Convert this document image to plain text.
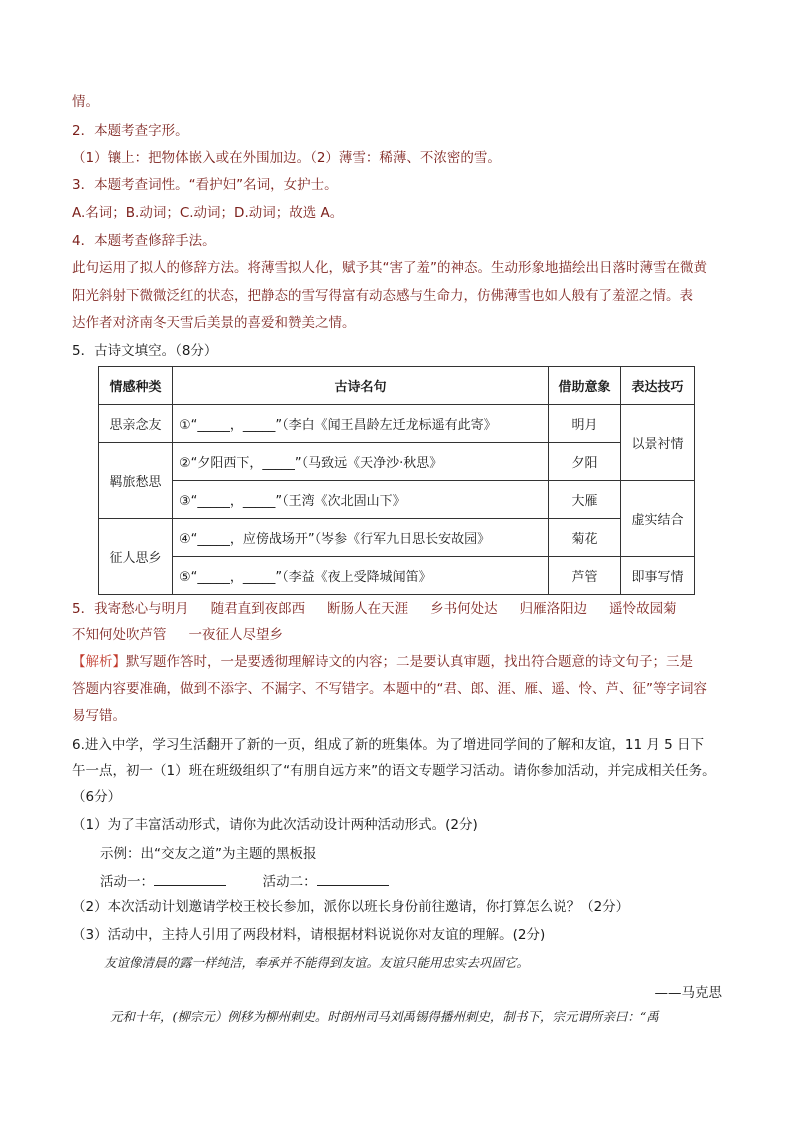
情。
2．本题考查字形。
（1）镶上：把物体嵌入或在外围加边。（2）薄雪：稀薄、不浓密的雪。
3．本题考查词性。“看护妇”名词，女护士。
A.名词；B.动词；C.动词；D.动词；故选 A。
4．本题考查修辞手法。
此句运用了拟人的修辞方法。将薄雪拟人化，赋予其“害了羞”的神态。生动形象地描绘出日落时薄雪在微黄
阳光斜射下微微泛红的状态，把静态的雪写得富有动态感与生命力，仿佛薄雪也如人般有了羞涩之情。表
达作者对济南冬天雪后美景的喜爱和赞美之情。
5．古诗文填空。（8分）
情感种类	古诗名句	借助意象	表达技巧
思亲念友	①“_____，_____”（李白《闻王昌龄左迁龙标遥有此寄》	明月	以景衬情
羁旅愁思	②“夕阳西下，_____”（马致远《天净沙·秋思》	夕阳	
	③“_____，_____”（王湾《次北固山下》	大雁	虚实结合
征人思乡	④“_____，应傍战场开”（岑参《行军九日思长安故园》	菊花	
	⑤“_____，_____”（李益《夜上受降城闻笛》	芦管	即事写情
5．我寄愁心与明月 随君直到夜郎西 断肠人在天涯 乡书何处达 归雁洛阳边 遥怜故园菊
不知何处吹芦管 一夜征人尽望乡
【解析】默写题作答时，一是要透彻理解诗文的内容；二是要认真审题，找出符合题意的诗文句子；三是
答题内容要准确，做到不添字、不漏字、不写错字。本题中的“君、郎、涯、雁、遥、怜、芦、征”等字词容
易写错。
6.进入中学，学习生活翻开了新的一页，组成了新的班集体。为了增进同学间的了解和友谊，11 月 5 日下
午一点，初一（1）班在班级组织了“有朋自远方来”的语文专题学习活动。请你参加活动，并完成相关任务。
（6分）
（1）为了丰富活动形式，请你为此次活动设计两种活动形式。(2分)
示例：出“交友之道”为主题的黑板报
活动一：	活动二：
（2）本次活动计划邀请学校王校长参加，派你以班长身份前往邀请，你打算怎么说？（2分）
（3）活动中，主持人引用了两段材料，请根据材料说说你对友谊的理解。(2分)
友谊像清晨的露一样纯洁，奉承并不能得到友谊。友谊只能用忠实去巩固它。
——马克思
元和十年，(柳宗元）例移为柳州刺史。时朗州司马刘禹锡得播州刺史，制书下，宗元谓所亲曰：“禹
